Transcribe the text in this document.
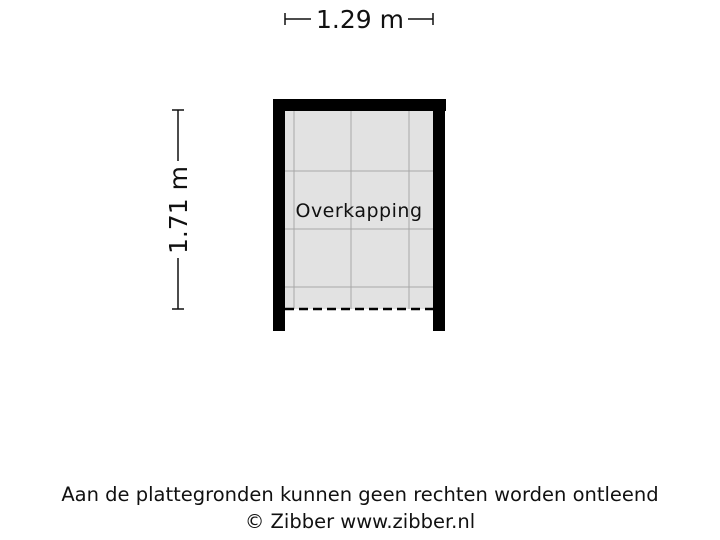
Overkapping
1.29 m
1.71 m
Aan de plattegronden kunnen geen rechten worden ontleend
© Zibber www.zibber.nl
